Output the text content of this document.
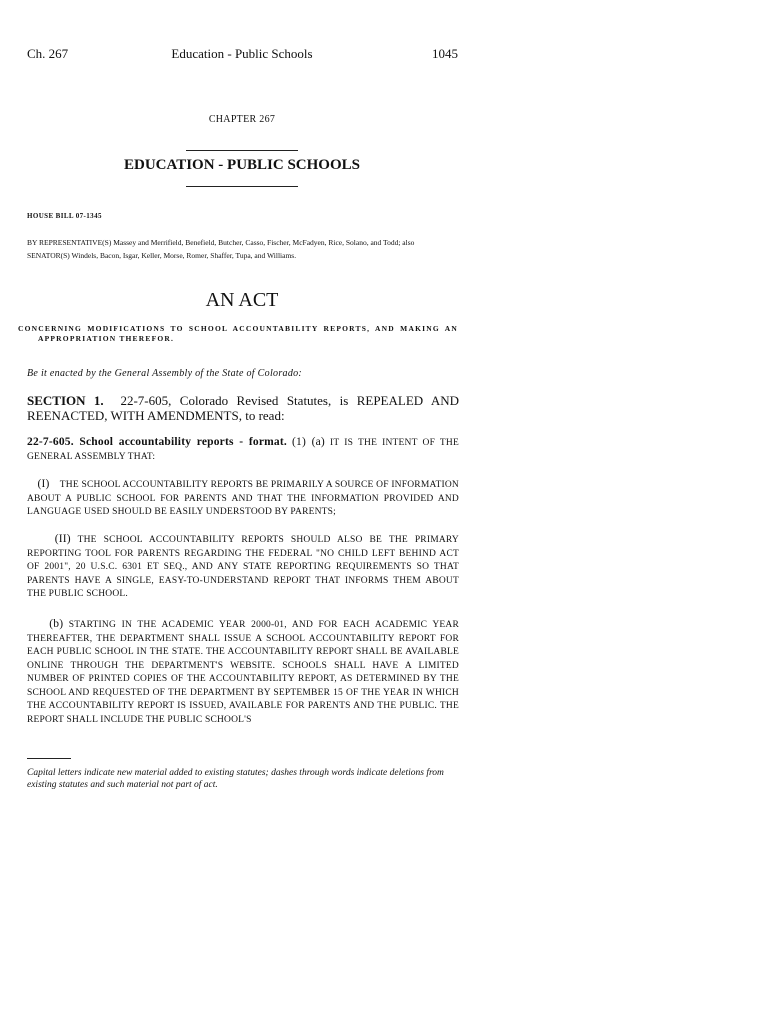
Ch. 267	Education - Public Schools	1045
CHAPTER 267
EDUCATION - PUBLIC SCHOOLS
HOUSE BILL 07-1345
BY REPRESENTATIVE(S) Massey and Merrifield, Benefield, Butcher, Casso, Fischer, McFadyen, Rice, Solano, and Todd; also SENATOR(S) Windels, Bacon, Isgar, Keller, Morse, Romer, Shaffer, Tupa, and Williams.
AN ACT
CONCERNING MODIFICATIONS TO SCHOOL ACCOUNTABILITY REPORTS, AND MAKING AN
APPROPRIATION THEREFOR.
Be it enacted by the General Assembly of the State of Colorado:
SECTION 1. 22-7-605, Colorado Revised Statutes, is REPEALED AND REENACTED, WITH AMENDMENTS, to read:
22-7-605. School accountability reports - format. (1) (a) IT IS THE INTENT OF THE GENERAL ASSEMBLY THAT:
(I) THE SCHOOL ACCOUNTABILITY REPORTS BE PRIMARILY A SOURCE OF INFORMATION ABOUT A PUBLIC SCHOOL FOR PARENTS AND THAT THE INFORMATION PROVIDED AND LANGUAGE USED SHOULD BE EASILY UNDERSTOOD BY PARENTS;
(II) THE SCHOOL ACCOUNTABILITY REPORTS SHOULD ALSO BE THE PRIMARY REPORTING TOOL FOR PARENTS REGARDING THE FEDERAL "NO CHILD LEFT BEHIND ACT OF 2001", 20 U.S.C. 6301 ET SEQ., AND ANY STATE REPORTING REQUIREMENTS SO THAT PARENTS HAVE A SINGLE, EASY-TO-UNDERSTAND REPORT THAT INFORMS THEM ABOUT THE PUBLIC SCHOOL.
(b) STARTING IN THE ACADEMIC YEAR 2000-01, AND FOR EACH ACADEMIC YEAR THEREAFTER, THE DEPARTMENT SHALL ISSUE A SCHOOL ACCOUNTABILITY REPORT FOR EACH PUBLIC SCHOOL IN THE STATE. THE ACCOUNTABILITY REPORT SHALL BE AVAILABLE ONLINE THROUGH THE DEPARTMENT'S WEBSITE. SCHOOLS SHALL HAVE A LIMITED NUMBER OF PRINTED COPIES OF THE ACCOUNTABILITY REPORT, AS DETERMINED BY THE SCHOOL AND REQUESTED OF THE DEPARTMENT BY SEPTEMBER 15 OF THE YEAR IN WHICH THE ACCOUNTABILITY REPORT IS ISSUED, AVAILABLE FOR PARENTS AND THE PUBLIC. THE REPORT SHALL INCLUDE THE PUBLIC SCHOOL'S
Capital letters indicate new material added to existing statutes; dashes through words indicate deletions from existing statutes and such material not part of act.
